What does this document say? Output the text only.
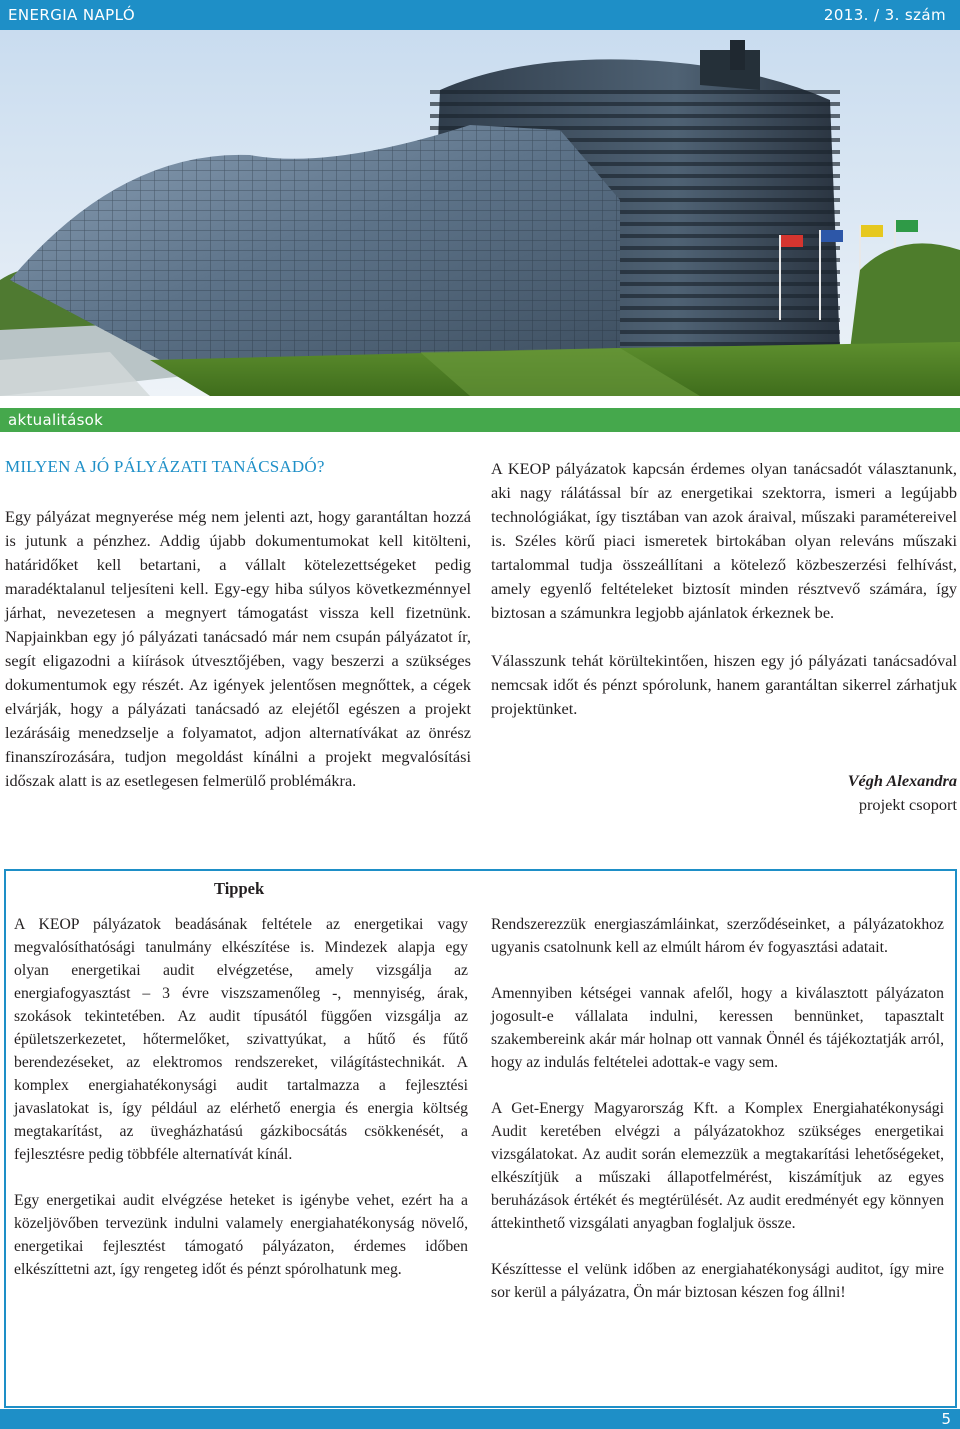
ENERGIA NAPLÓ	2013. / 3. szám
aktualitások
MILYEN A JÓ PÁLYÁZATI TANÁCSADÓ?

Egy pályázat megnyerése még nem jelenti azt, hogy garantáltan hozzá is jutunk a pénzhez. Addig újabb dokumentumokat kell kitölteni, határidőket kell betartani, a vállalt kötelezettségeket pedig maradéktalanul teljesíteni kell. Egy-egy hiba súlyos következménnyel járhat, nevezetesen a megnyert támogatást vissza kell fizetnünk. Napjainkban egy jó pályázati tanácsadó már nem csupán pályázatot ír, segít eligazodni a kiírások útvesztőjében, vagy beszerzi a szükséges dokumentumok egy részét. Az igények jelentősen megnőttek, a cégek elvárják, hogy a pályázati tanácsadó az elejétől egészen a projekt lezárásáig menedzselje a folyamatot, adjon alternatívákat az önrész finanszírozására, tudjon megoldást kínálni a projekt megvalósítási időszak alatt is az esetlegesen felmerülő problémákra.

A KEOP pályázatok kapcsán érdemes olyan tanácsadót választanunk, aki nagy rálátással bír az energetikai szektorra, ismeri a legújabb technológiákat, így tisztában van azok áraival, műszaki paramétereivel is. Széles körű piaci ismeretek birtokában olyan releváns műszaki tartalommal tudja összeállítani a kötelező közbeszerzési felhívást, amely egyenlő feltételeket biztosít minden résztvevő számára, így biztosan a számunkra legjobb ajánlatok érkeznek be.

Válasszunk tehát körültekintően, hiszen egy jó pályázati tanácsadóval nemcsak időt és pénzt spórolunk, hanem garantáltan sikerrel zárhatjuk projektünket.

Végh Alexandra
projekt csoport
Tippek

A KEOP pályázatok beadásának feltétele az energetikai vagy megvalósíthatósági tanulmány elkészítése is. Mindezek alapja egy olyan energetikai audit elvégzetése, amely vizsgálja az energiafogyasztást – 3 évre viszszamenőleg -, mennyiség, árak, szokások tekintetében. Az audit típusától függően vizsgálja az épületszerkezetet, hőtermelőket, szivattyúkat, a hűtő és fűtő berendezéseket, az elektromos rendszereket, világítástechnikát. A komplex energiahatékonysági audit tartalmazza a fejlesztési javaslatokat is, így például az elérhető energia és energia költség megtakarítást, az üvegházhatású gázkibocsátás csökkenését, a fejlesztésre pedig többféle alternatívát kínál.

Egy energetikai audit elvégzése heteket is igénybe vehet, ezért ha a közeljövőben tervezünk indulni valamely energiahatékonyság növelő, energetikai fejlesztést támogató pályázaton, érdemes időben elkészíttetni azt, így rengeteg időt és pénzt spórolhatunk meg.

Rendszerezzük energiaszámláinkat, szerződéseinket, a pályázatokhoz ugyanis csatolnunk kell az elmúlt három év fogyasztási adatait.

Amennyiben kétségei vannak afelől, hogy a kiválasztott pályázaton jogosult-e vállalata indulni, keressen bennünket, tapasztalt szakembereink akár már holnap ott vannak Önnél és tájékoztatják arról, hogy az indulás feltételei adottak-e vagy sem.

A Get-Energy Magyarország Kft. a Komplex Energiahatékonysági Audit keretében elvégzi a pályázatokhoz szükséges energetikai vizsgálatokat. Az audit során elemezzük a megtakarítási lehetőségeket, elkészítjük a műszaki állapotfelmérést, kiszámítjuk az egyes beruházások értékét és megtérülését. Az audit eredményét egy könnyen áttekinthető vizsgálati anyagban foglaljuk össze.

Készíttesse el velünk időben az energiahatékonysági auditot, így mire sor kerül a pályázatra, Ön már biztosan készen fog állni!

5
